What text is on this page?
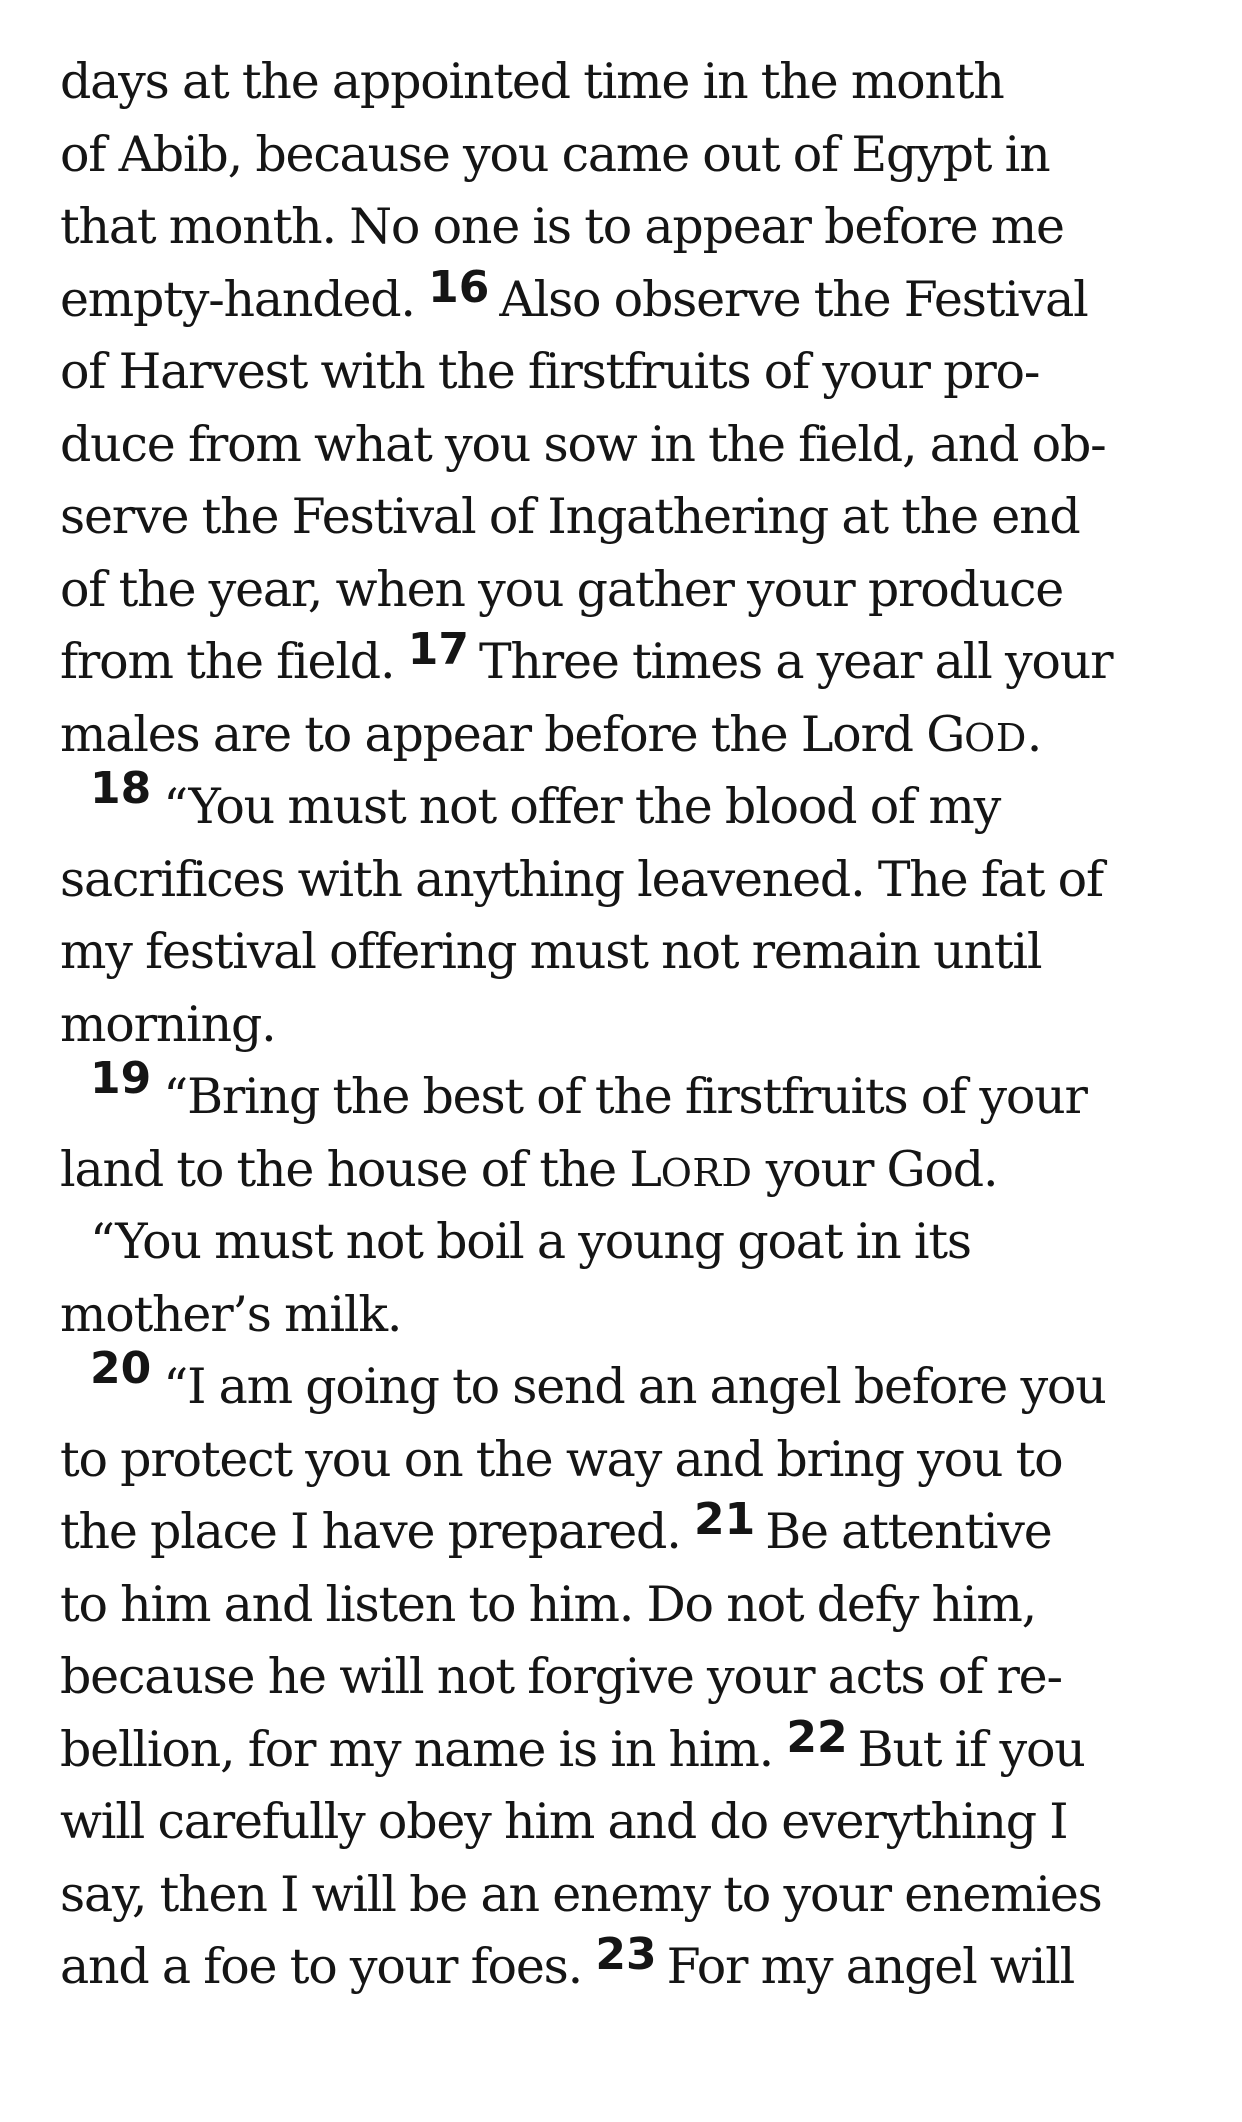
days at the appointed time in the month
of Abib, because you came out of Egypt in
that month. No one is to appear before me
empty-handed. 16 Also observe the Festival
of Harvest with the firstfruits of your pro-
duce from what you sow in the field, and ob-
serve the Festival of Ingathering at the end
of the year, when you gather your produce
from the field. 17 Three times a year all your
males are to appear before the Lord GOD.
18 “You must not offer the blood of my
sacrifices with anything leavened. The fat of
my festival offering must not remain until
morning.
19 “Bring the best of the firstfruits of your
land to the house of the LORD your God.
“You must not boil a young goat in its
mother’s milk.
20 “I am going to send an angel before you
to protect you on the way and bring you to
the place I have prepared. 21 Be attentive
to him and listen to him. Do not defy him,
because he will not forgive your acts of re-
bellion, for my name is in him. 22 But if you
will carefully obey him and do everything I
say, then I will be an enemy to your enemies
and a foe to your foes. 23 For my angel will
